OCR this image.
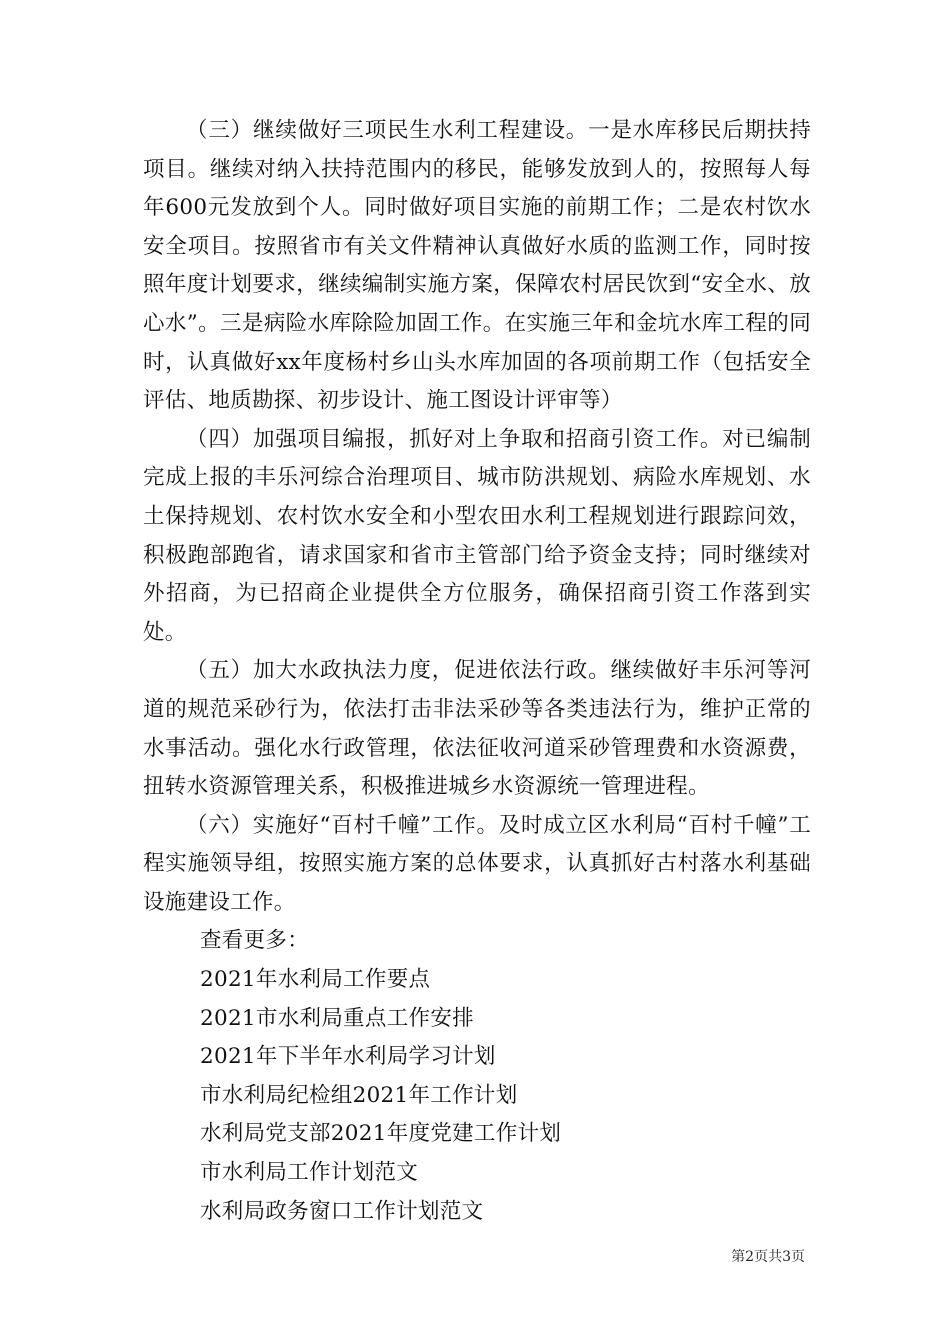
（三）继续做好三项民生水利工程建设。一是水库移民后期扶持项目。继续对纳入扶持范围内的移民，能够发放到人的，按照每人每年600元发放到个人。同时做好项目实施的前期工作；二是农村饮水安全项目。按照省市有关文件精神认真做好水质的监测工作，同时按照年度计划要求，继续编制实施方案，保障农村居民饮到“安全水、放心水”。三是病险水库除险加固工作。在实施三年和金坑水库工程的同时，认真做好xx年度杨村乡山头水库加固的各项前期工作（包括安全评估、地质勘探、初步设计、施工图设计评审等）

（四）加强项目编报，抓好对上争取和招商引资工作。对已编制完成上报的丰乐河综合治理项目、城市防洪规划、病险水库规划、水土保持规划、农村饮水安全和小型农田水利工程规划进行跟踪问效，积极跑部跑省，请求国家和省市主管部门给予资金支持；同时继续对外招商，为已招商企业提供全方位服务，确保招商引资工作落到实处。

（五）加大水政执法力度，促进依法行政。继续做好丰乐河等河道的规范采砂行为，依法打击非法采砂等各类违法行为，维护正常的水事活动。强化水行政管理，依法征收河道采砂管理费和水资源费，扭转水资源管理关系，积极推进城乡水资源统一管理进程。

（六）实施好“百村千幢”工作。及时成立区水利局“百村千幢”工程实施领导组，按照实施方案的总体要求，认真抓好古村落水利基础设施建设工作。

查看更多：
2021年水利局工作要点
2021市水利局重点工作安排
2021年下半年水利局学习计划
市水利局纪检组2021年工作计划
水利局党支部2021年度党建工作计划
市水利局工作计划范文
水利局政务窗口工作计划范文
第2页共3页
